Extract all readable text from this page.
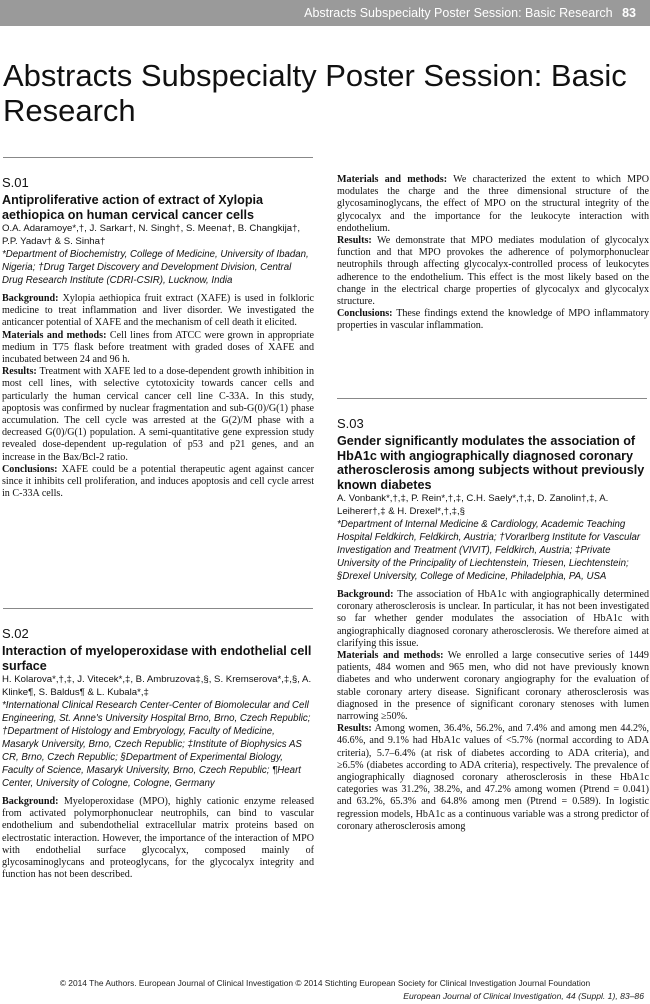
Abstracts Subspecialty Poster Session: Basic Research 83
Abstracts Subspecialty Poster Session: Basic Research
S.01
Antiproliferative action of extract of Xylopia aethiopica on human cervical cancer cells
O.A. Adaramoye*,†, J. Sarkar†, N. Singh†, S. Meena†, B. Changkija†, P.P. Yadav† & S. Sinha†
*Department of Biochemistry, College of Medicine, University of Ibadan, Nigeria; †Drug Target Discovery and Development Division, Central Drug Research Institute (CDRI-CSIR), Lucknow, India
Background: Xylopia aethiopica fruit extract (XAFE) is used in folkloric medicine to treat inflammation and liver disorder. We investigated the anticancer potential of XAFE and the mechanism of cell death it elicited.
Materials and methods: Cell lines from ATCC were grown in appropriate medium in T75 flask before treatment with graded doses of XAFE and incubated between 24 and 96 h.
Results: Treatment with XAFE led to a dose-dependent growth inhibition in most cell lines, with selective cytotoxicity towards cancer cells and particularly the human cervical cancer cell line C-33A. In this study, apoptosis was confirmed by nuclear fragmentation and sub-G(0)/G(1) phase accumulation. The cell cycle was arrested at the G(2)/M phase with a decreased G(0)/G(1) population. A semi-quantitative gene expression study revealed dose-dependent up-regulation of p53 and p21 genes, and an increase in the Bax/Bcl-2 ratio.
Conclusions: XAFE could be a potential therapeutic agent against cancer since it inhibits cell proliferation, and induces apoptosis and cell cycle arrest in C-33A cells.
S.02
Interaction of myeloperoxidase with endothelial cell surface
H. Kolarova*,†,‡, J. Vitecek*,‡, B. Ambruzova‡,§, S. Kremserova*,‡,§, A. Klinke¶, S. Baldus¶ & L. Kubala*,‡
*International Clinical Research Center-Center of Biomolecular and Cell Engineering, St. Anne's University Hospital Brno, Brno, Czech Republic; †Department of Histology and Embryology, Faculty of Medicine, Masaryk University, Brno, Czech Republic; ‡Institute of Biophysics AS CR, Brno, Czech Republic; §Department of Experimental Biology, Faculty of Science, Masaryk University, Brno, Czech Republic; ¶Heart Center, University of Cologne, Cologne, Germany
Background: Myeloperoxidase (MPO), highly cationic enzyme released from activated polymorphonuclear neutrophils, can bind to vascular endothelium and subendothelial extracellular matrix proteins based on electrostatic interaction. However, the importance of the interaction of MPO with endothelial surface glycocalyx, composed mainly of glycosaminoglycans and proteoglycans, for the glycocalyx integrity and function has not been described.
Materials and methods: We characterized the extent to which MPO modulates the charge and the three dimensional structure of the glycosaminoglycans, the effect of MPO on the structural integrity of the glycocalyx and the importance for the leukocyte interaction with endothelium.
Results: We demonstrate that MPO mediates modulation of glycocalyx function and that MPO provokes the adherence of polymorphonuclear neutrophils through affecting glycocalyx-controlled process of leukocytes adherence to the endothelium. This effect is the most likely based on the change in the electrical charge properties of glycocalyx and glycocalyx structure.
Conclusions: These findings extend the knowledge of MPO inflammatory properties in vascular inflammation.
S.03
Gender significantly modulates the association of HbA1c with angiographically diagnosed coronary atherosclerosis among subjects without previously known diabetes
A. Vonbank*,†,‡, P. Rein*,†,‡, C.H. Saely*,†,‡, D. Zanolin†,‡, A. Leiherer†,‡ & H. Drexel*,†,‡,§
*Department of Internal Medicine & Cardiology, Academic Teaching Hospital Feldkirch, Feldkirch, Austria; †Vorarlberg Institute for Vascular Investigation and Treatment (VIVIT), Feldkirch, Austria; ‡Private University of the Principality of Liechtenstein, Triesen, Liechtenstein; §Drexel University, College of Medicine, Philadelphia, PA, USA
Background: The association of HbA1c with angiographically determined coronary atherosclerosis is unclear. In particular, it has not been investigated so far whether gender modulates the association of HbA1c with angiographically diagnosed coronary atherosclerosis. We therefore aimed at clarifying this issue.
Materials and methods: We enrolled a large consecutive series of 1449 patients, 484 women and 965 men, who did not have previously known diabetes and who underwent coronary angiography for the evaluation of stable coronary artery disease. Significant coronary atherosclerosis was diagnosed in the presence of significant coronary stenoses with lumen narrowing ≥50%.
Results: Among women, 36.4%, 56.2%, and 7.4% and among men 44.2%, 46.6%, and 9.1% had HbA1c values of <5.7% (normal according to ADA criteria), 5.7–6.4% (at risk of diabetes according to ADA criteria), and ≥6.5% (diabetes according to ADA criteria), respectively. The prevalence of angiographically diagnosed coronary atherosclerosis in these HbA1c categories was 31.2%, 38.2%, and 47.2% among women (Ptrend = 0.041) and 63.2%, 65.3% and 64.8% among men (Ptrend = 0.589). In logistic regression models, HbA1c as a continuous variable was a strong predictor of coronary atherosclerosis among
© 2014 The Authors. European Journal of Clinical Investigation © 2014 Stichting European Society for Clinical Investigation Journal Foundation
European Journal of Clinical Investigation, 44 (Suppl. 1), 83–86
